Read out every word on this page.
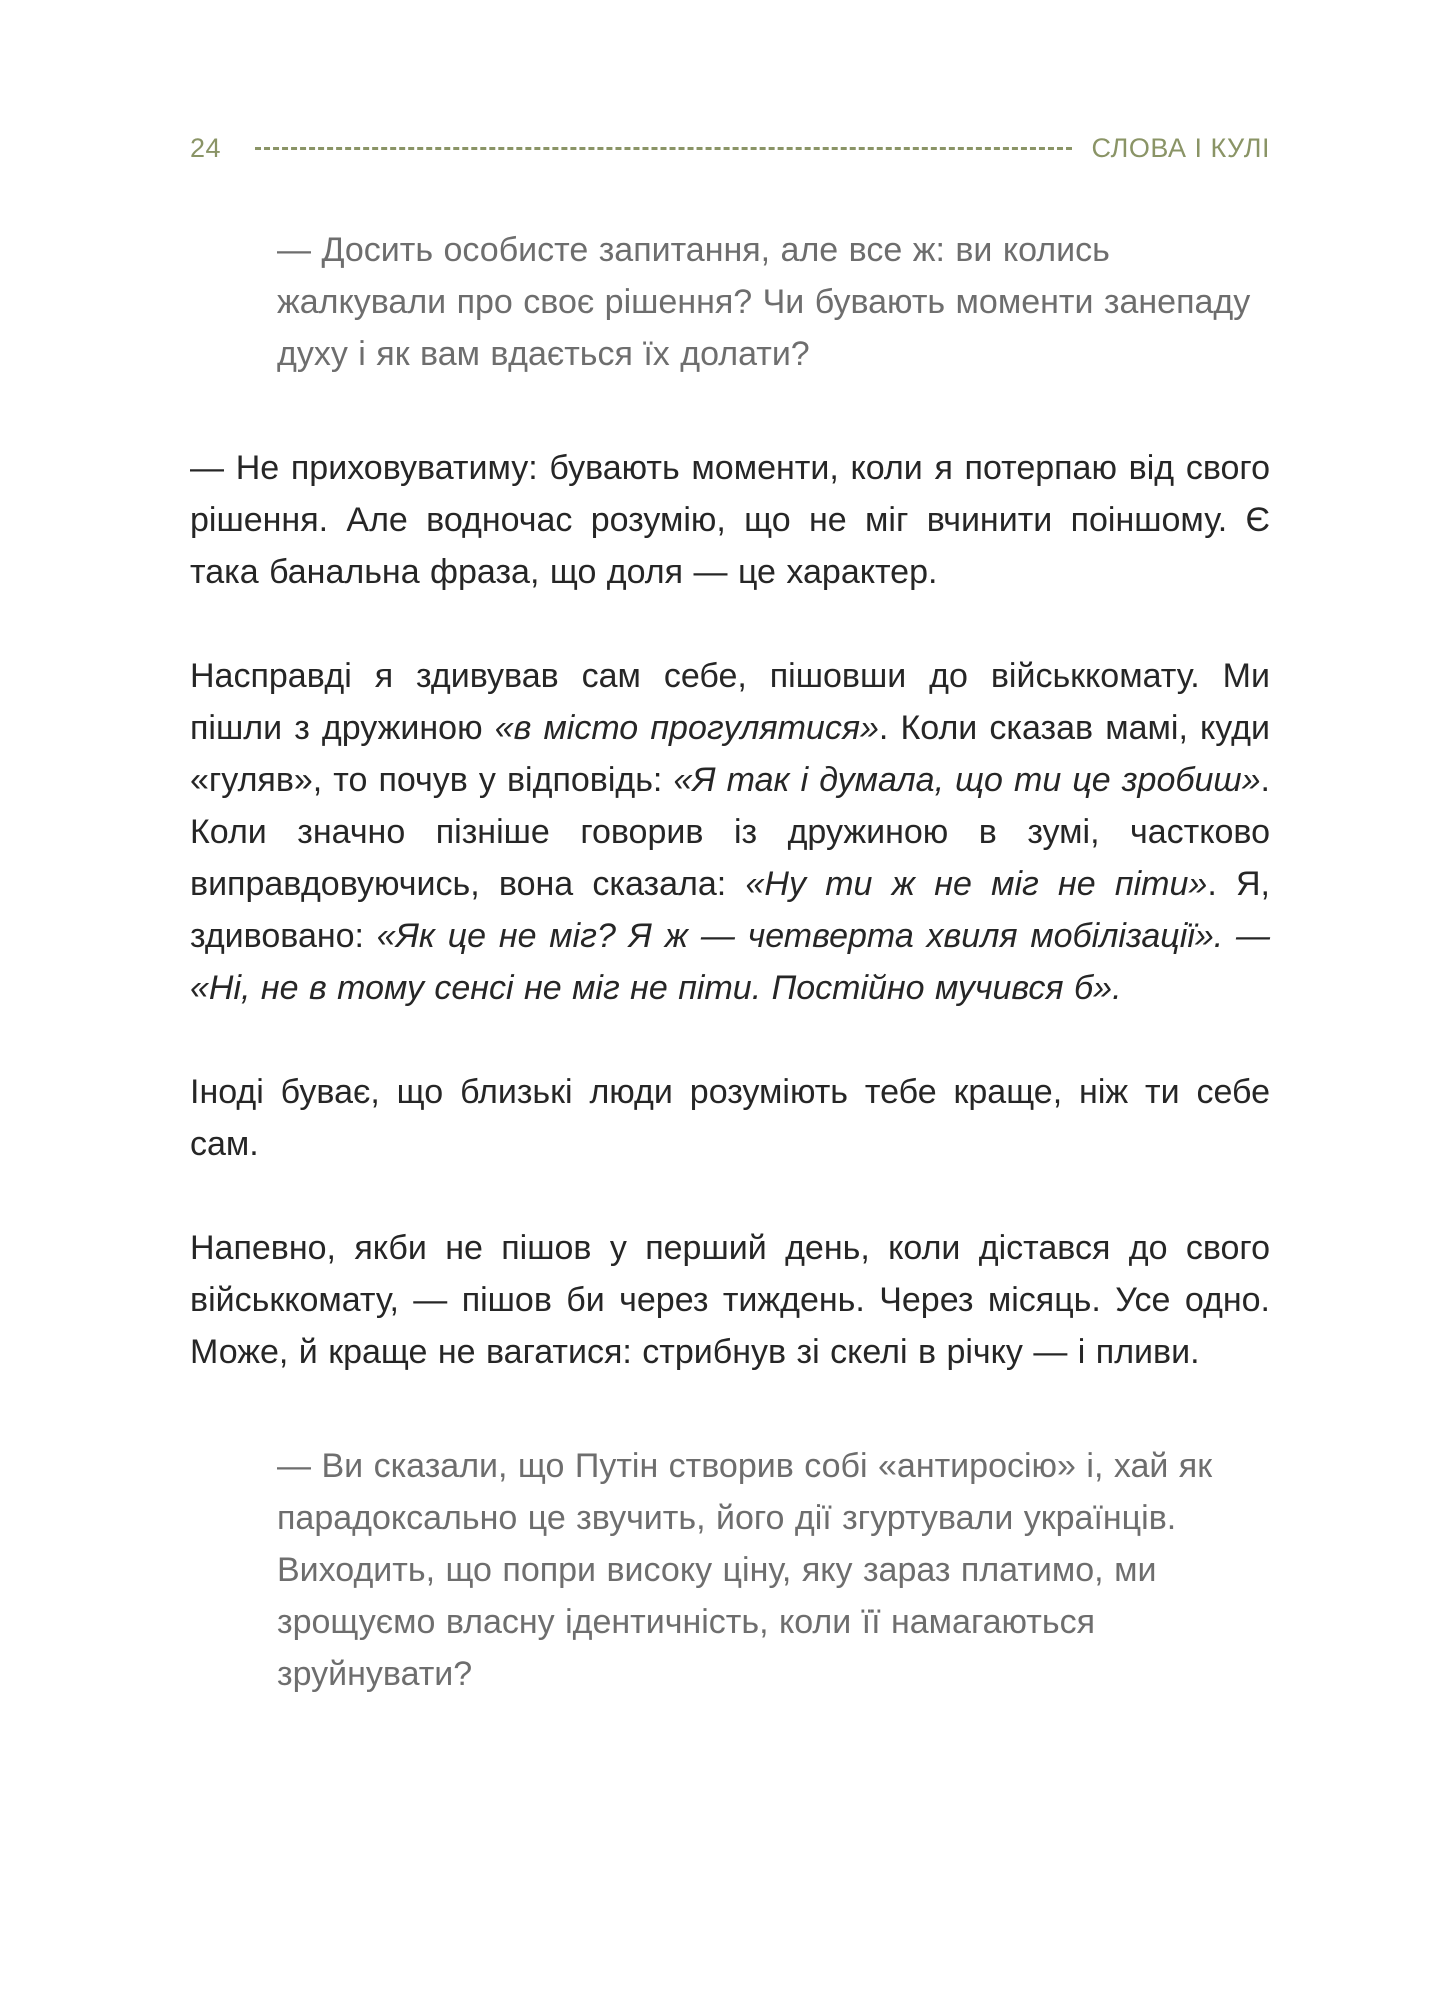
24	СЛОВА І КУЛІ

— Досить особисте запитання, але все ж: ви колись жалкували про своє рішення? Чи бувають моменти занепаду духу і як вам вдається їх долати?

— Не приховуватиму: бувають моменти, коли я потерпаю від свого рішення. Але водночас розумію, що не міг вчинити поіншому. Є така банальна фраза, що доля — це характер.

Насправді я здивував сам себе, пішовши до військкомату. Ми пішли з дружиною «в місто прогулятися». Коли сказав мамі, куди «гуляв», то почув у відповідь: «Я так і думала, що ти це зробиш». Коли значно пізніше говорив із дружиною в зумі, частково виправдовуючись, вона сказала: «Ну ти ж не міг не піти». Я, здивовано: «Як це не міг? Я ж — четверта хвиля мобілізації». — «Ні, не в тому сенсі не міг не піти. Постійно мучився б».

Іноді буває, що близькі люди розуміють тебе краще, ніж ти себе сам.

Напевно, якби не пішов у перший день, коли дістався до свого військкомату, — пішов би через тиждень. Через місяць. Усе одно. Може, й краще не вагатися: стрибнув зі скелі в річку — і пливи.

— Ви сказали, що Путін створив собі «антиросію» і, хай як парадоксально це звучить, його дії згуртували українців. Виходить, що попри високу ціну, яку зараз платимо, ми зрощуємо власну ідентичність, коли її намагаються зруйнувати?
